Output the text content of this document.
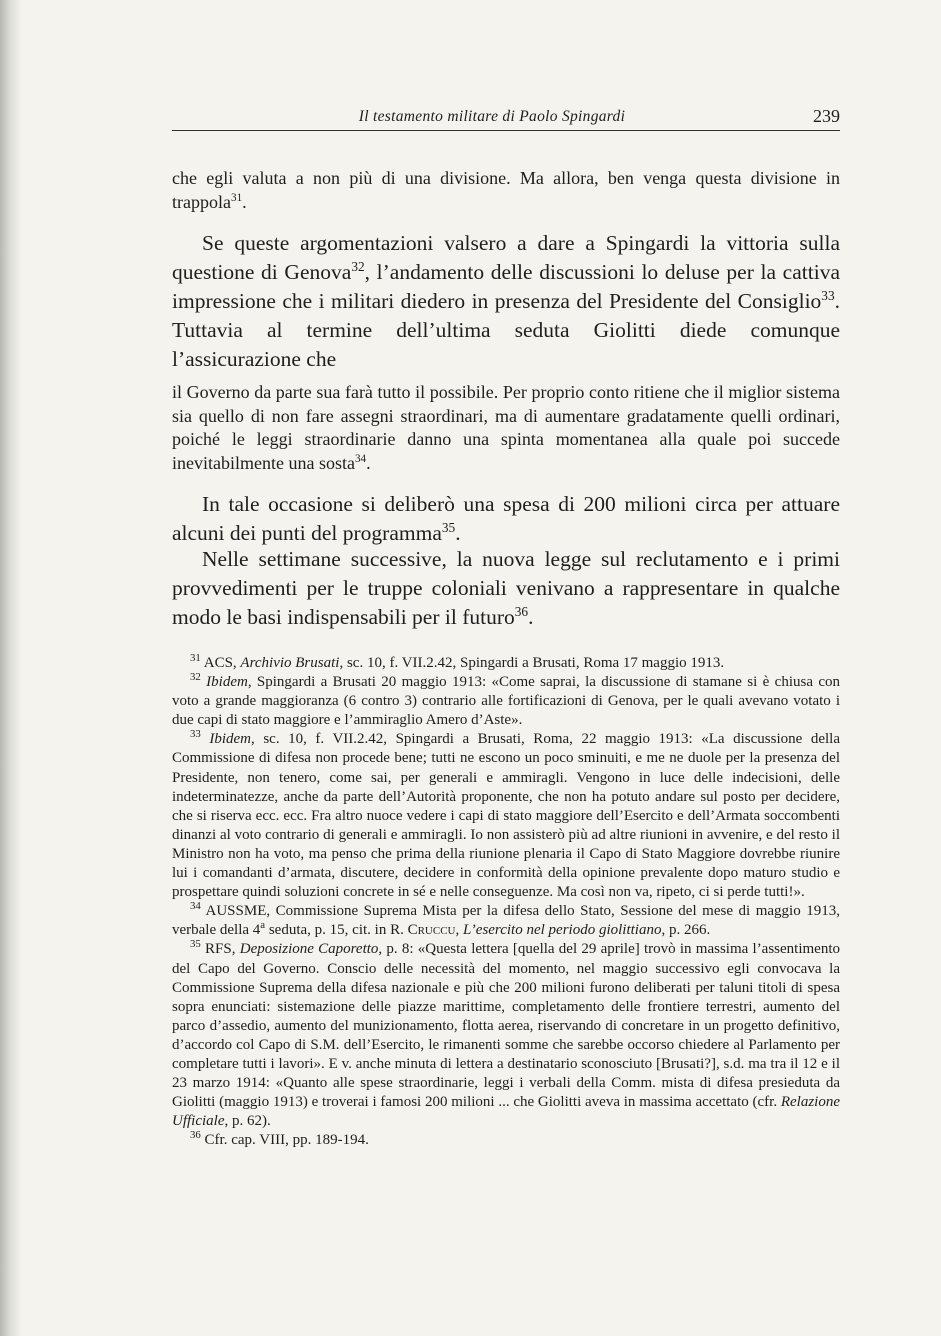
Il testamento militare di Paolo Spingardi	239

che egli valuta a non più di una divisione. Ma allora, ben venga questa divisione in trappola$^{31}$.

Se queste argomentazioni valsero a dare a Spingardi la vittoria sulla questione di Genova$^{32}$, l’andamento delle discussioni lo deluse per la cattiva impressione che i militari diedero in presenza del Presidente del Consiglio$^{33}$. Tuttavia al termine dell’ultima seduta Giolitti diede comunque l’assicurazione che

il Governo da parte sua farà tutto il possibile. Per proprio conto ritiene che il miglior sistema sia quello di non fare assegni straordinari, ma di aumentare gradatamente quelli ordinari, poiché le leggi straordinarie danno una spinta momentanea alla quale poi succede inevitabilmente una sosta$^{34}$.

In tale occasione si deliberò una spesa di 200 milioni circa per attuare alcuni dei punti del programma$^{35}$.

Nelle settimane successive, la nuova legge sul reclutamento e i primi provvedimenti per le truppe coloniali venivano a rappresentare in qualche modo le basi indispensabili per il futuro$^{36}$.

$^{31}$ ACS, Archivio Brusati, sc. 10, f. VII.2.42, Spingardi a Brusati, Roma 17 maggio 1913.

$^{32}$ Ibidem, Spingardi a Brusati 20 maggio 1913: «Come saprai, la discussione di stamane si è chiusa con voto a grande maggioranza (6 contro 3) contrario alle fortificazioni di Genova, per le quali avevano votato i due capi di stato maggiore e l’ammiraglio Amero d’Aste».

$^{33}$ Ibidem, sc. 10, f. VII.2.42, Spingardi a Brusati, Roma, 22 maggio 1913: «La discussione della Commissione di difesa non procede bene; tutti ne escono un poco sminuiti, e me ne duole per la presenza del Presidente, non tenero, come sai, per generali e ammiragli. Vengono in luce delle indecisioni, delle indeterminatezze, anche da parte dell’Autorità proponente, che non ha potuto andare sul posto per decidere, che si riserva ecc. ecc. Fra altro nuoce vedere i capi di stato maggiore dell’Esercito e dell’Armata soccombenti dinanzi al voto contrario di generali e ammiragli. Io non assisterò più ad altre riunioni in avvenire, e del resto il Ministro non ha voto, ma penso che prima della riunione plenaria il Capo di Stato Maggiore dovrebbe riunire lui i comandanti d’armata, discutere, decidere in conformità della opinione prevalente dopo maturo studio e prospettare quindi soluzioni concrete in sé e nelle conseguenze. Ma così non va, ripeto, ci si perde tutti!».

$^{34}$ AUSSME, Commissione Suprema Mista per la difesa dello Stato, Sessione del mese di maggio 1913, verbale della 4$^a$ seduta, p. 15, cit. in R. Cruccu, L’esercito nel periodo giolittiano, p. 266.

$^{35}$ RFS, Deposizione Caporetto, p. 8: «Questa lettera [quella del 29 aprile] trovò in massima l’assentimento del Capo del Governo. Conscio delle necessità del momento, nel maggio successivo egli convocava la Commissione Suprema della difesa nazionale e più che 200 milioni furono deliberati per taluni titoli di spesa sopra enunciati: sistemazione delle piazze marittime, completamento delle frontiere terrestri, aumento del parco d’assedio, aumento del munizionamento, flotta aerea, riservando di concretare in un progetto definitivo, d’accordo col Capo di S.M. dell’Esercito, le rimanenti somme che sarebbe occorso chiedere al Parlamento per completare tutti i lavori». E v. anche minuta di lettera a destinatario sconosciuto [Brusati?], s.d. ma tra il 12 e il 23 marzo 1914: «Quanto alle spese straordinarie, leggi i verbali della Comm. mista di difesa presieduta da Giolitti (maggio 1913) e troverai i famosi 200 milioni ... che Giolitti aveva in massima accettato (cfr. Relazione Ufficiale, p. 62).

$^{36}$ Cfr. cap. VIII, pp. 189-194.
